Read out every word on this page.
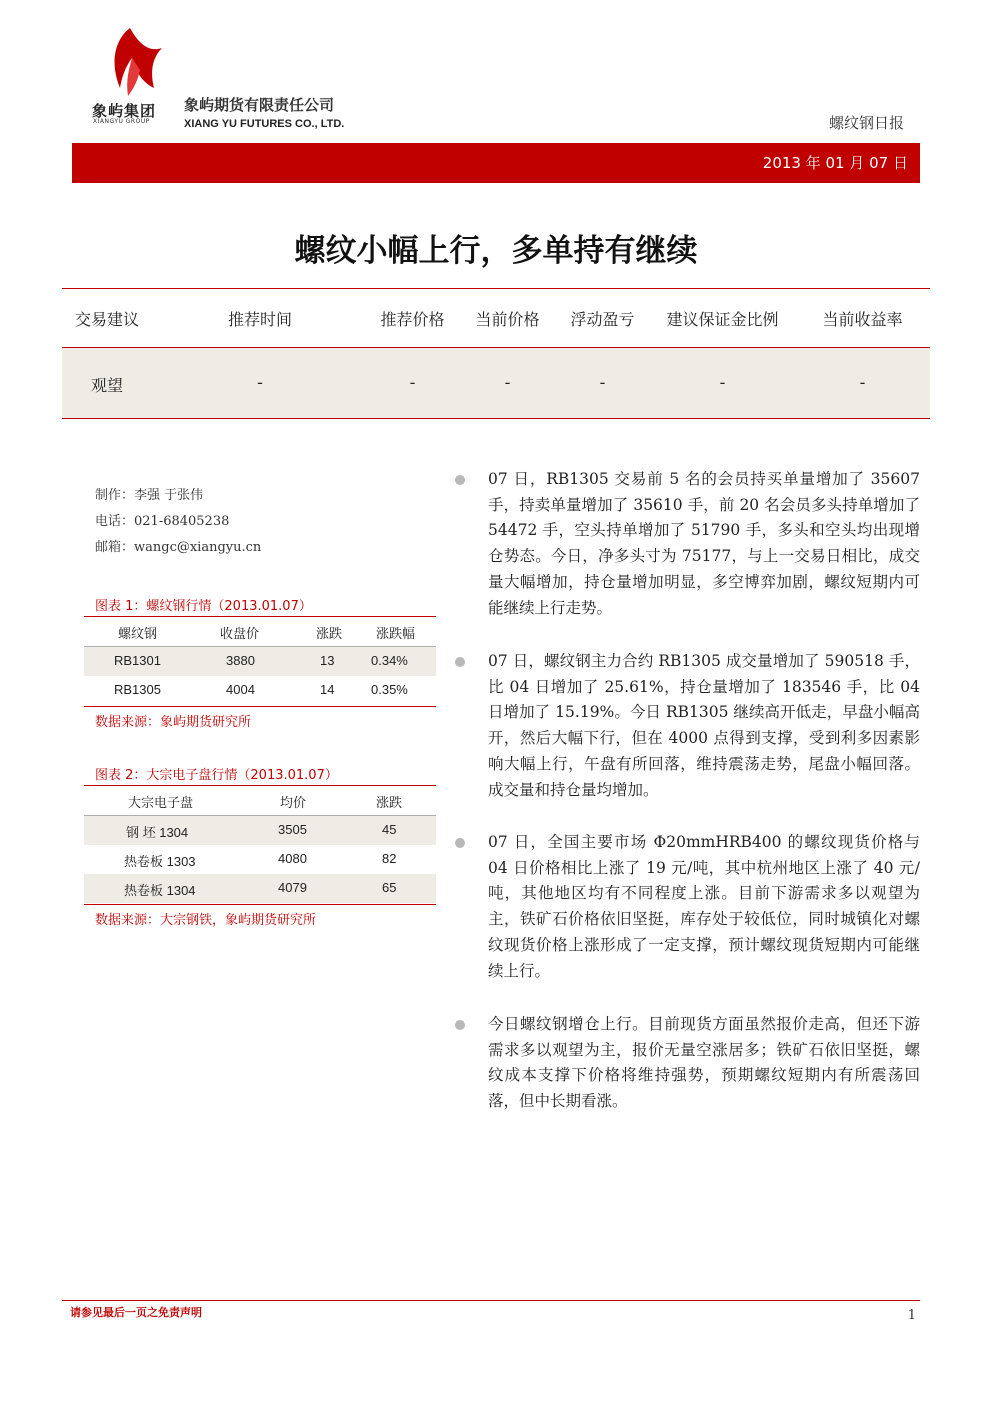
象屿集团
XIANGYU GROUP
象屿期货有限责任公司
XIANG YU FUTURES CO., LTD.	螺纹钢日报
2013 年 01 月 07 日
螺纹小幅上行，多单持有继续
交易建议	推荐时间	推荐价格	当前价格	浮动盈亏	建议保证金比例	当前收益率
观望	-	-	-	-	-	-
制作：李强 于张伟
电话：021-68405238
邮箱：wangc@xiangyu.cn
图表 1：螺纹钢行情（2013.01.07）
螺纹钢	收盘价	涨跌	涨跌幅
RB1301	3880	13	0.34%
RB1305	4004	14	0.35%
数据来源：象屿期货研究所
图表 2：大宗电子盘行情（2013.01.07）
大宗电子盘	均价	涨跌
钢 坯 1304	3505	45
热卷板 1303	4080	82
热卷板 1304	4079	65
数据来源：大宗钢铁，象屿期货研究所
07 日，RB1305 交易前 5 名的会员持买单量增加了 35607 手，持卖单量增加了 35610 手，前 20 名会员多头持单增加了 54472 手，空头持单增加了 51790 手，多头和空头均出现增仓势态。今日，净多头寸为 75177，与上一交易日相比，成交量大幅增加，持仓量增加明显，多空博弈加剧，螺纹短期内可能继续上行走势。
07 日，螺纹钢主力合约 RB1305 成交量增加了 590518 手，比 04 日增加了 25.61%，持仓量增加了 183546 手，比 04 日增加了 15.19%。今日 RB1305 继续高开低走，早盘小幅高开，然后大幅下行，但在 4000 点得到支撑，受到利多因素影响大幅上行，午盘有所回落，维持震荡走势，尾盘小幅回落。成交量和持仓量均增加。
07 日，全国主要市场 Φ20mmHRB400 的螺纹现货价格与 04 日价格相比上涨了 19 元/吨，其中杭州地区上涨了 40 元/吨，其他地区均有不同程度上涨。目前下游需求多以观望为主，铁矿石价格依旧坚挺，库存处于较低位，同时城镇化对螺纹现货价格上涨形成了一定支撑，预计螺纹现货短期内可能继续上行。
今日螺纹钢增仓上行。目前现货方面虽然报价走高，但还下游需求多以观望为主，报价无量空涨居多；铁矿石依旧坚挺，螺纹成本支撑下价格将维持强势，预期螺纹短期内有所震荡回落，但中长期看涨。
请参见最后一页之免责声明	1
